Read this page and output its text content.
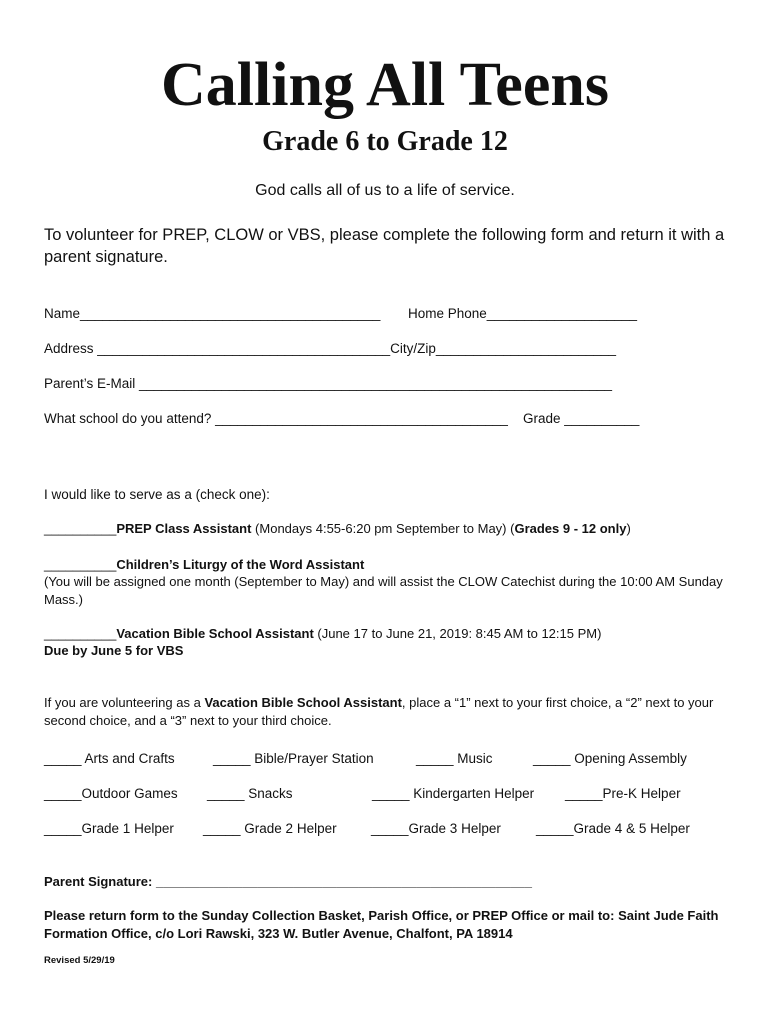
Calling All Teens
Grade 6 to Grade 12
God calls all of us to a life of service.
To volunteer for PREP, CLOW or VBS, please complete the following form and return it with a parent signature.
Name________________________________________ Home Phone____________________
Address _______________________________________City/Zip________________________
Parent’s E-Mail _______________________________________________________________
What school do you attend? _______________________________________ Grade __________
I would like to serve as a (check one):
__________PREP Class Assistant (Mondays 4:55-6:20 pm September to May) (Grades 9 - 12 only)
__________Children’s Liturgy of the Word Assistant
(You will be assigned one month (September to May) and will assist the CLOW Catechist during the 10:00 AM Sunday Mass.)
__________Vacation Bible School Assistant (June 17 to June 21, 2019: 8:45 AM to 12:15 PM)
Due by June 5 for VBS
If you are volunteering as a Vacation Bible School Assistant, place a “1” next to your first choice, a “2” next to your second choice, and a “3” next to your third choice.
_____ Arts and Crafts	_____ Bible/Prayer Station	_____ Music	_____ Opening Assembly
_____Outdoor Games _____ Snacks	_____ Kindergarten Helper _____Pre-K Helper
_____Grade 1 Helper _____ Grade 2 Helper	_____Grade 3 Helper	_____Grade 4 & 5 Helper
Parent Signature: ____________________________________________________
Please return form to the Sunday Collection Basket, Parish Office, or PREP Office or mail to: Saint Jude Faith Formation Office, c/o Lori Rawski, 323 W. Butler Avenue, Chalfont, PA 18914
Revised 5/29/19
